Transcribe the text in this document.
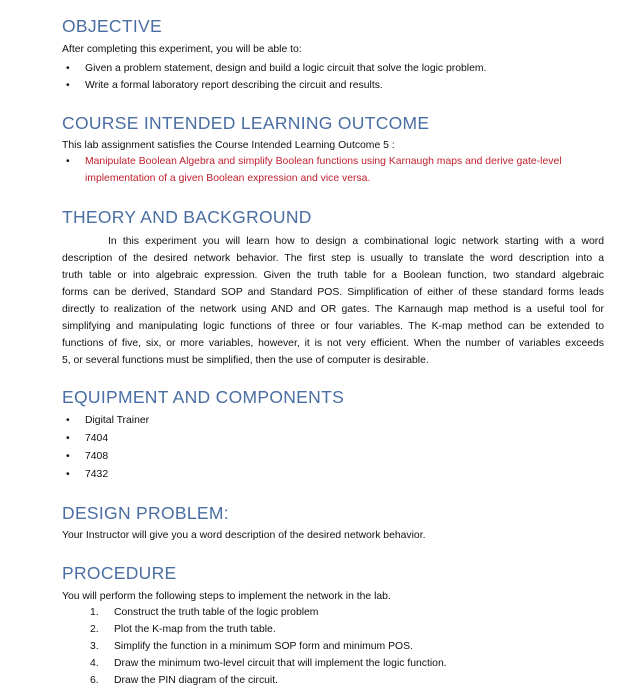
OBJECTIVE
After completing this experiment, you will be able to:
• Given a problem statement, design and build a logic circuit that solve the logic problem.
• Write a formal laboratory report describing the circuit and results.
COURSE INTENDED LEARNING OUTCOME
This lab assignment satisfies the Course Intended Learning Outcome 5 :
• Manipulate Boolean Algebra and simplify Boolean functions using Karnaugh maps and derive gate-level
implementation of a given Boolean expression and vice versa.
THEORY AND BACKGROUND
In this experiment you will learn how to design a combinational logic network starting with a word
description of the desired network behavior. The first step is usually to translate the word description into a
truth table or into algebraic expression. Given the truth table for a Boolean function, two standard algebraic
forms can be derived, Standard SOP and Standard POS. Simplification of either of these standard forms leads
directly to realization of the network using AND and OR gates. The Karnaugh map method is a useful tool for
simplifying and manipulating logic functions of three or four variables. The K-map method can be extended to
functions of five, six, or more variables, however, it is not very efficient. When the number of variables exceeds
5, or several functions must be simplified, then the use of computer is desirable.
EQUIPMENT AND COMPONENTS
• Digital Trainer
• 7404
• 7408
• 7432
DESIGN PROBLEM:
Your Instructor will give you a word description of the desired network behavior.
PROCEDURE
You will perform the following steps to implement the network in the lab.
1. Construct the truth table of the logic problem
2. Plot the K-map from the truth table.
3. Simplify the function in a minimum SOP form and minimum POS.
4. Draw the minimum two-level circuit that will implement the logic function.
6. Draw the PIN diagram of the circuit.
